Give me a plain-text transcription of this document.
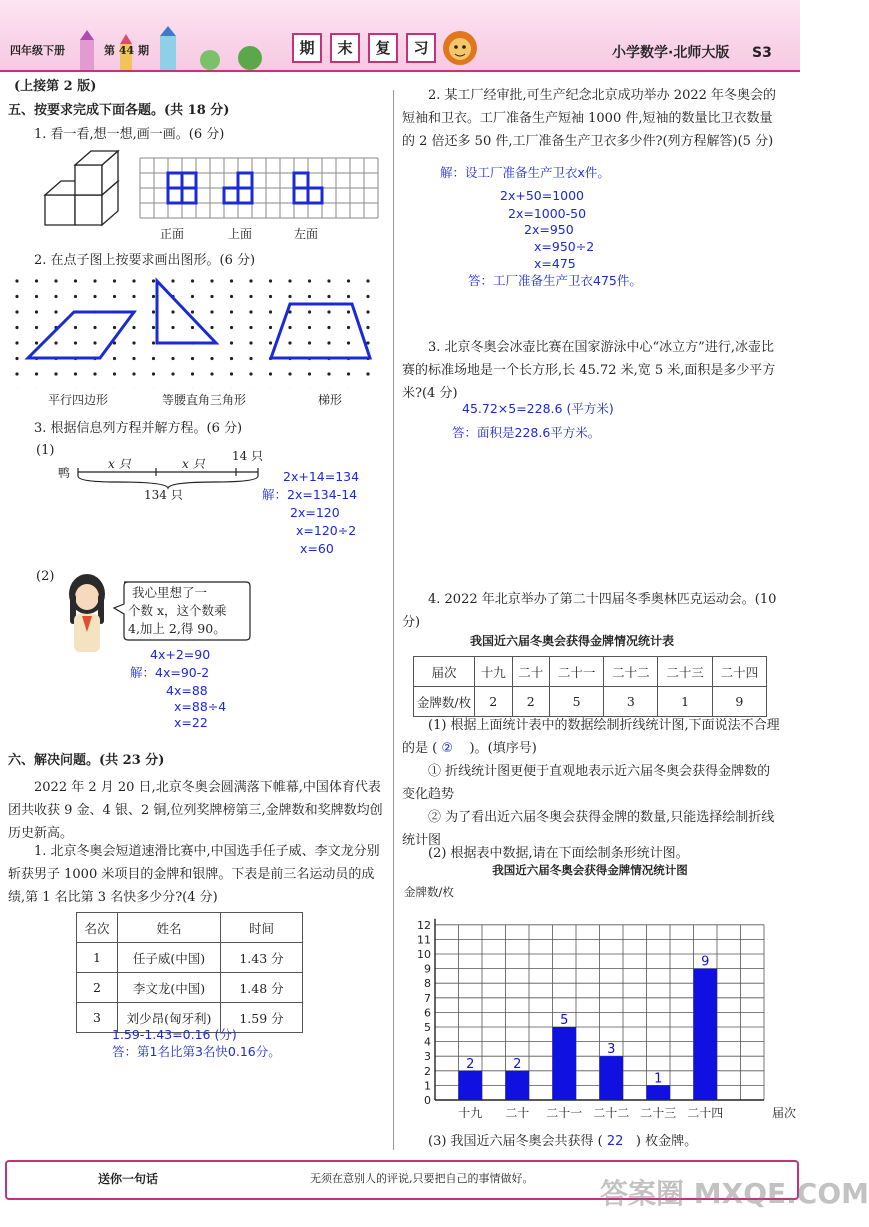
四年级下册	第 44 期	期	末	复	习	小学数学·北师大版 S3
(上接第 2 版)
五、按要求完成下面各题。(共 18 分)
1. 看一看,想一想,画一画。(6 分)
正面	上面	左面
2. 在点子图上按要求画出图形。(6 分)
平行四边形	等腰直角三角形	梯形
3. 根据信息列方程并解方程。(6 分)
(1)
x 只	x 只
14 只
鸭
134 只
2x+14=134
解：2x=134-14
2x=120
x=120÷2
x=60
(2)
我心里想了一
个数 x，这个数乘
4,加上 2,得 90。
4x+2=90
解：4x=90-2
4x=88
x=88÷4
x=22
六、解决问题。(共 23 分)
2022 年 2 月 20 日,北京冬奥会圆满落下帷幕,中国体育代表团共收获 9 金、4 银、2 铜,位列奖牌榜第三,金牌数和奖牌数均创历史新高。
1. 北京冬奥会短道速滑比赛中,中国选手任子威、李文龙分别斩获男子 1000 米项目的金牌和银牌。下表是前三名运动员的成绩,第 1 名比第 3 名快多少分?(4 分)
名次	姓名	时间
1	任子威(中国)	1.43 分
2	李文龙(中国)	1.48 分
3	刘少昂(匈牙利)	1.59 分
1.59-1.43=0.16 (分)
答：第1名比第3名快0.16分。
2. 某工厂经审批,可生产纪念北京成功举办 2022 年冬奥会的短袖和卫衣。工厂准备生产短袖 1000 件,短袖的数量比卫衣数量的 2 倍还多 50 件,工厂准备生产卫衣多少件?(列方程解答)(5 分)
解：设工厂准备生产卫衣x件。
2x+50=1000
2x=1000-50
2x=950
x=950÷2
x=475
答：工厂准备生产卫衣475件。
3. 北京冬奥会冰壶比赛在国家游泳中心“冰立方”进行,冰壶比赛的标准场地是一个长方形,长 45.72 米,宽 5 米,面积是多少平方米?(4 分)
45.72×5=228.6 (平方米)
答：面积是228.6平方米。
4. 2022 年北京举办了第二十四届冬季奥林匹克运动会。(10 分)
我国近六届冬奥会获得金牌情况统计表
届次	十九	二十	二十一	二十二	二十三	二十四
金牌数/枚	2	2	5	3	1	9
(1) 根据上面统计表中的数据绘制折线统计图,下面说法不合理的是 ( ② )。(填序号)
① 折线统计图更便于直观地表示近六届冬奥会获得金牌数的变化趋势
② 为了看出近六届冬奥会获得金牌的数量,只能选择绘制折线统计图
(2) 根据表中数据,请在下面绘制条形统计图。
我国近六届冬奥会获得金牌情况统计图
金牌数/枚
0
1
2
3
4
5
6
7
8
9
10
11
12
2
十九
2
二十
5
二十一
3
二十二
1
二十三
9
二十四	届次
(3) 我国近六届冬奥会共获得 ( 22 ) 枚金牌。
送你一句话	无须在意别人的评说,只要把自己的事情做好。 答案圈 MXQE.COM
